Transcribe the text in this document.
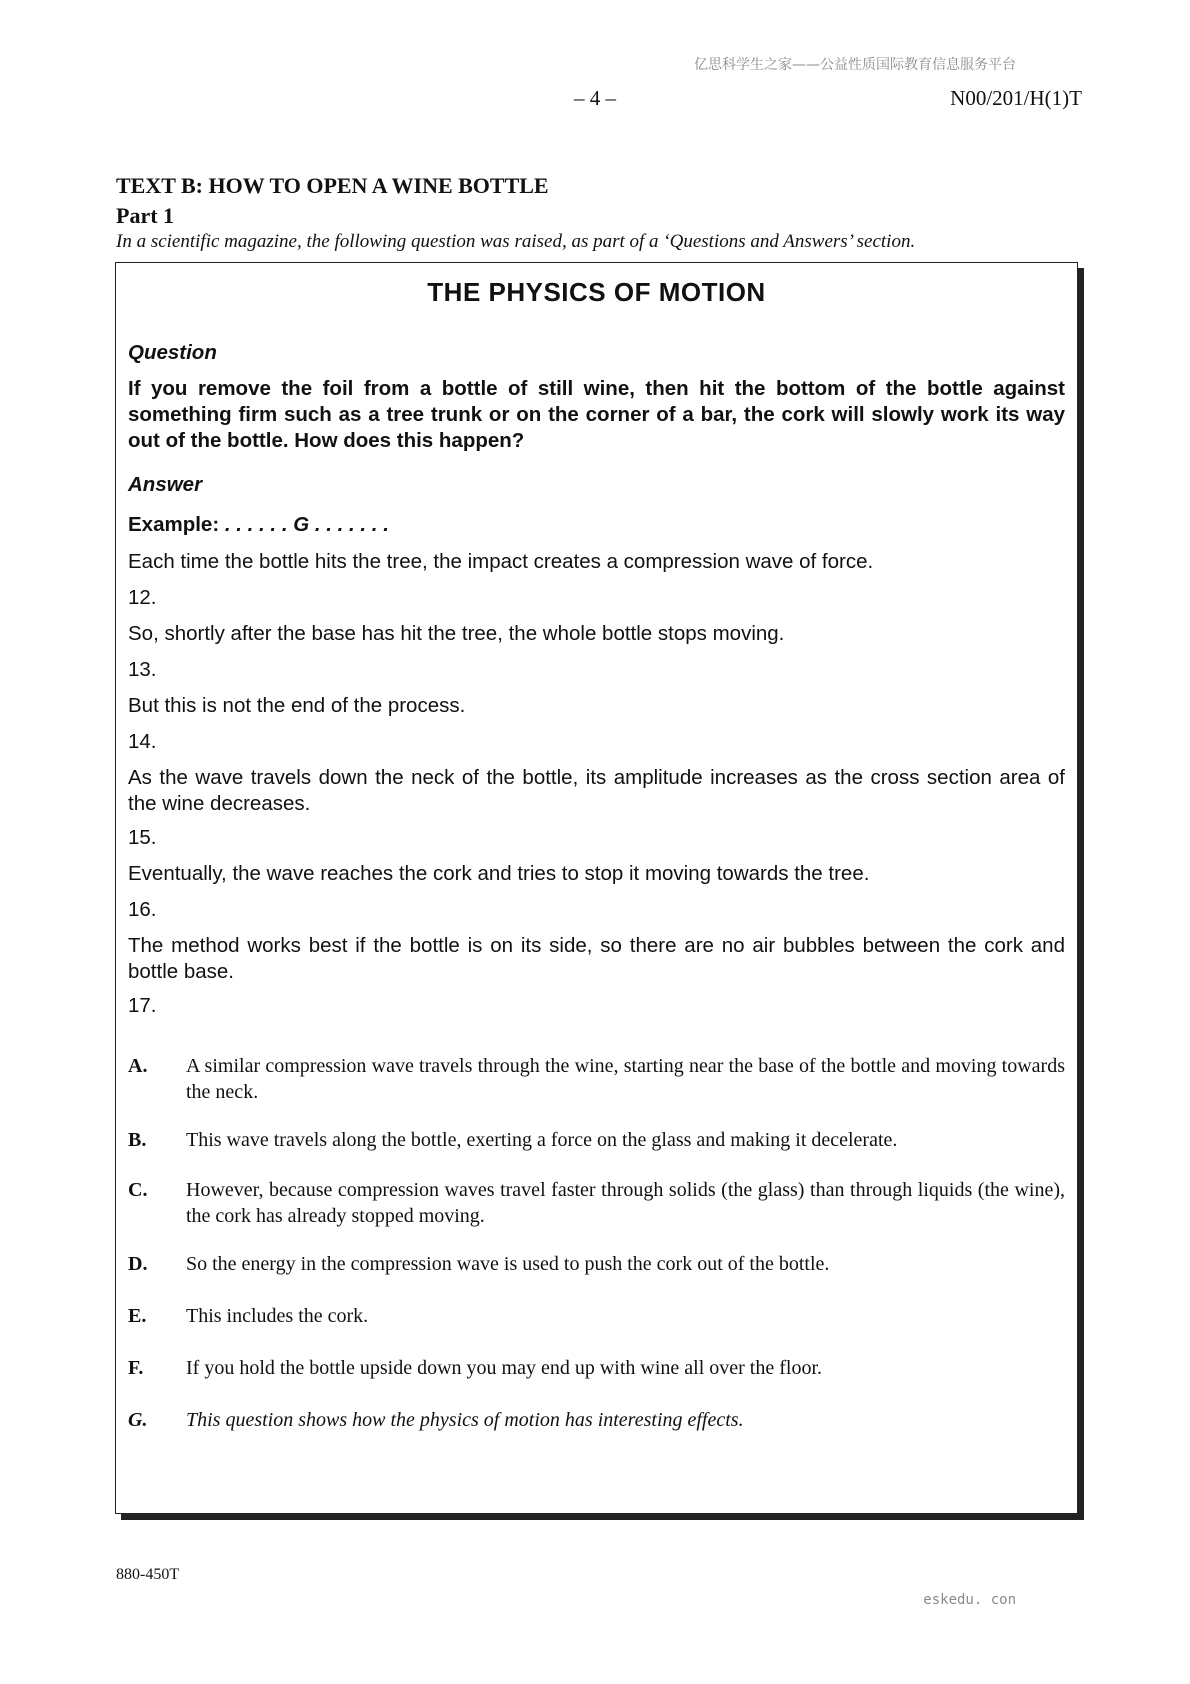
亿思科学生之家——公益性质国际教育信息服务平台
– 4 –	N00/201/H(1)T
TEXT B: HOW TO OPEN A WINE BOTTLE
Part 1
In a scientific magazine, the following question was raised, as part of a ‘Questions and Answers’ section.
THE PHYSICS OF MOTION
Question
If you remove the foil from a bottle of still wine, then hit the bottom of the bottle against something firm such as a tree trunk or on the corner of a bar, the cork will slowly work its way out of the bottle. How does this happen?
Answer
Example: . . . . . . G . . . . . . .
Each time the bottle hits the tree, the impact creates a compression wave of force.
12.
So, shortly after the base has hit the tree, the whole bottle stops moving.
13.
But this is not the end of the process.
14.
As the wave travels down the neck of the bottle, its amplitude increases as the cross section area of the wine decreases.
15.
Eventually, the wave reaches the cork and tries to stop it moving towards the tree.
16.
The method works best if the bottle is on its side, so there are no air bubbles between the cork and bottle base.
17.
A. A similar compression wave travels through the wine, starting near the base of the bottle and moving towards the neck.
B. This wave travels along the bottle, exerting a force on the glass and making it decelerate.
C. However, because compression waves travel faster through solids (the glass) than through liquids (the wine), the cork has already stopped moving.
D. So the energy in the compression wave is used to push the cork out of the bottle.
E. This includes the cork.
F. If you hold the bottle upside down you may end up with wine all over the floor.
G. This question shows how the physics of motion has interesting effects.
880-450T
eskedu. con
